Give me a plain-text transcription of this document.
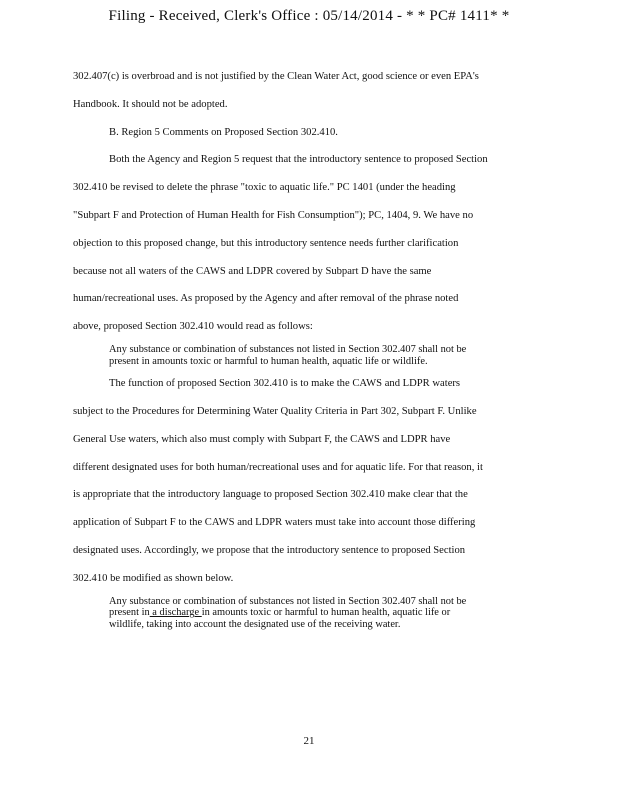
Filing - Received, Clerk's Office : 05/14/2014 - * * PC# 1411* *
302.407(c) is overbroad and is not justified by the Clean Water Act, good science or even EPA's
Handbook. It should not be adopted.
B. Region 5 Comments on Proposed Section 302.410.
Both the Agency and Region 5 request that the introductory sentence to proposed Section
302.410 be revised to delete the phrase "toxic to aquatic life." PC 1401 (under the heading
"Subpart F and Protection of Human Health for Fish Consumption"); PC, 1404, 9. We have no
objection to this proposed change, but this introductory sentence needs further clarification
because not all waters of the CAWS and LDPR covered by Subpart D have the same
human/recreational uses. As proposed by the Agency and after removal of the phrase noted
above, proposed Section 302.410 would read as follows:

Any substance or combination of substances not listed in Section 302.407 shall not be

present in amounts toxic or harmful to human health, aquatic life or wildlife.

The function of proposed Section 302.410 is to make the CAWS and LDPR waters
subject to the Procedures for Determining Water Quality Criteria in Part 302, Subpart F. Unlike
General Use waters, which also must comply with Subpart F, the CAWS and LDPR have
different designated uses for both human/recreational uses and for aquatic life. For that reason, it
is appropriate that the introductory language to proposed Section 302.410 make clear that the
application of Subpart F to the CAWS and LDPR waters must take into account those differing
designated uses. Accordingly, we propose that the introductory sentence to proposed Section
302.410 be modified as shown below.

Any substance or combination of substances not listed in Section 302.407 shall not be

present in a discharge in amounts toxic or harmful to human health, aquatic life or

wildlife, taking into account the designated use of the receiving water.

21
